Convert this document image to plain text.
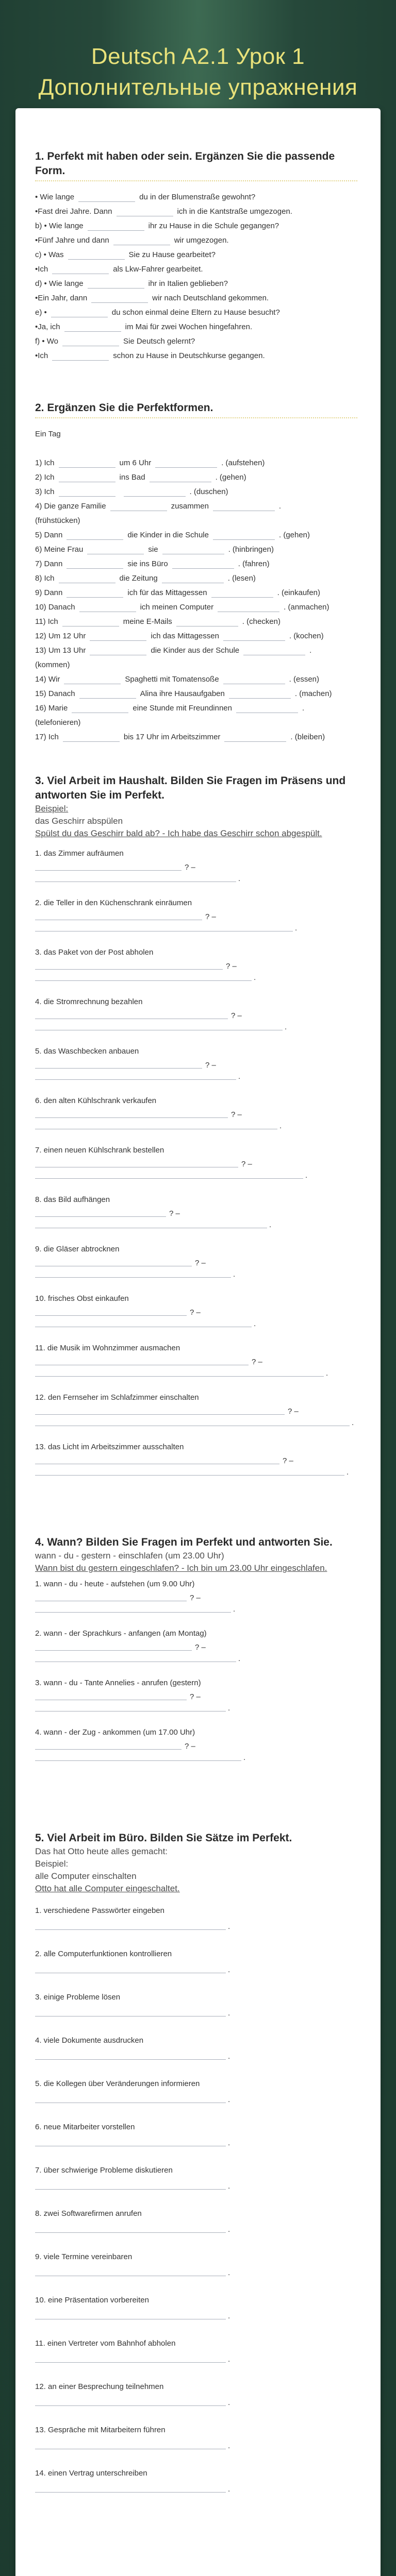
Deutsch A2.1 Урок 1
Дополнительные упражнения
1. Perfekt mit haben oder sein. Ergänzen Sie die passende Form.
• Wie lange	du in der Blumenstraße gewohnt?
•Fast drei Jahre. Dann	ich in die Kantstraße umgezogen.
b) • Wie lange	ihr zu Hause in die Schule gegangen?
•Fünf Jahre und dann	wir umgezogen.
c) • Was	Sie zu Hause gearbeitet?
•Ich	als Lkw-Fahrer gearbeitet.
d) • Wie lange	ihr in Italien geblieben?
•Ein Jahr, dann	wir nach Deutschland gekommen.
e) •	du schon einmal deine Eltern zu Hause besucht?
•Ja, ich	im Mai für zwei Wochen hingefahren.
f) • Wo	Sie Deutsch gelernt?
•Ich	schon zu Hause in Deutschkurse gegangen.
2. Ergänzen Sie die Perfektformen.
Ein Tag
1) Ich	um 6 Uhr	. (aufstehen)
2) Ich	ins Bad	. (gehen)
3) Ich	. (duschen)
4) Die ganze Familie	zusammen	.
(frühstücken)
5) Dann	die Kinder in die Schule	. (gehen)
6) Meine Frau	sie	. (hinbringen)
7) Dann	sie ins Büro	. (fahren)
8) Ich	die Zeitung	. (lesen)
9) Dann	ich für das Mittagessen	. (einkaufen)
10) Danach	ich meinen Computer	. (anmachen)
11) Ich	meine E-Mails	. (checken)
12) Um 12 Uhr	ich das Mittagessen	. (kochen)
13) Um 13 Uhr	die Kinder aus der Schule	.
(kommen)
14) Wir	Spaghetti mit Tomatensoße	. (essen)
15) Danach	Alina ihre Hausaufgaben	. (machen)
16) Marie	eine Stunde mit Freundinnen	.
(telefonieren)
17) Ich	bis 17 Uhr im Arbeitszimmer	. (bleiben)
3. Viel Arbeit im Haushalt. Bilden Sie Fragen im Präsens und
antworten Sie im Perfekt.
Beispiel:
das Geschirr abspülen
Spülst du das Geschirr bald ab? - Ich habe das Geschirr schon abgespült.
1. das Zimmer aufräumen
? –
.
2. die Teller in den Küchenschrank einräumen
? –
.
3. das Paket von der Post abholen
? –
.
4. die Stromrechnung bezahlen
? –
.
5. das Waschbecken anbauen
? –
.
6. den alten Kühlschrank verkaufen
? –
.
7. einen neuen Kühlschrank bestellen
? –
.
8. das Bild aufhängen
? –
.
9. die Gläser abtrocknen
? –
.
10. frisches Obst einkaufen
? –
.
11. die Musik im Wohnzimmer ausmachen
? –
.
12. den Fernseher im Schlafzimmer einschalten
? –
.
13. das Licht im Arbeitszimmer ausschalten
? –
.
4. Wann? Bilden Sie Fragen im Perfekt und antworten Sie.
wann - du - gestern - einschlafen (um 23.00 Uhr)
Wann bist du gestern eingeschlafen? - Ich bin um 23.00 Uhr eingeschlafen.
1. wann - du - heute - aufstehen (um 9.00 Uhr)
? –
.
2. wann - der Sprachkurs - anfangen (am Montag)
? –
.
3. wann - du - Tante Annelies - anrufen (gestern)
? –
.
4. wann - der Zug - ankommen (um 17.00 Uhr)
? –
.
5. Viel Arbeit im Büro. Bilden Sie Sätze im Perfekt.
Das hat Otto heute alles gemacht:
Beispiel:
alle Computer einschalten
Otto hat alle Computer eingeschaltet.
1. verschiedene Passwörter eingeben
.
2. alle Computerfunktionen kontrollieren
.
3. einige Probleme lösen
.
4. viele Dokumente ausdrucken
.
5. die Kollegen über Veränderungen informieren
.
6. neue Mitarbeiter vorstellen
.
7. über schwierige Probleme diskutieren
.
8. zwei Softwarefirmen anrufen
.
9. viele Termine vereinbaren
.
10. eine Präsentation vorbereiten
.
11. einen Vertreter vom Bahnhof abholen
.
12. an einer Besprechung teilnehmen
.
13. Gespräche mit Mitarbeitern führen
.
14. einen Vertrag unterschreiben
.
